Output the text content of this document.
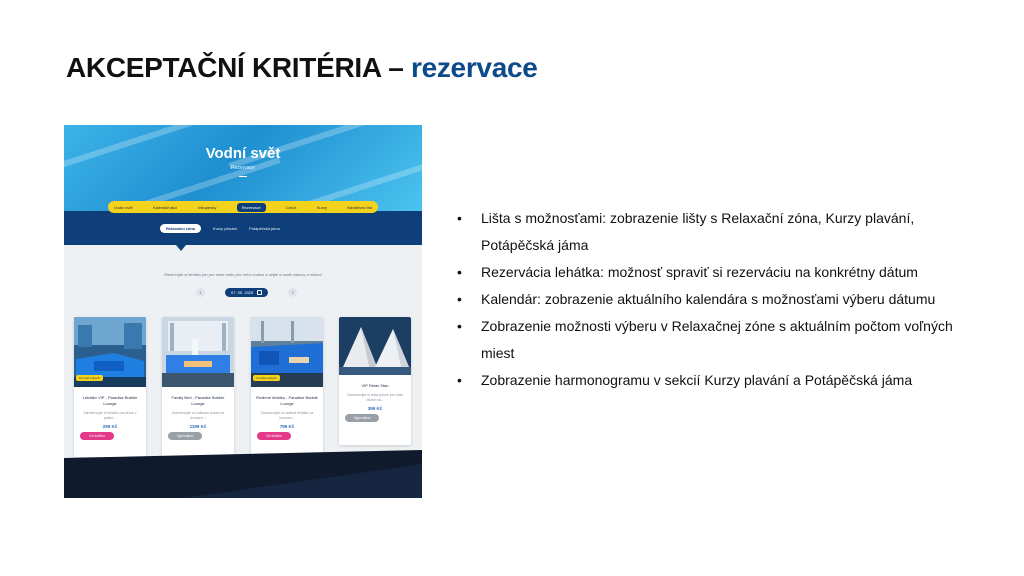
AKCEPTAČNÍ KRITÉRIA – rezervace
Vodní svět
Rezervace
Vodní svět	Kalendář akcí	Vstupenky	Rezervace	Ceník	Kurzy	Návštěvní řád
Relaxační zóna	Kurzy plavání	Potápěčská jáma
Rezervujte si lehátko jen pro sebe nebo pro celou rodinu a užijte si malé zábavy a relaxu!
‹	07. 05. 2025	›
10 míst volných
Lehátko VIP - Paradise Bubble Lounge
Zarezervujte si lehátko na nevse v pásko...
299 Kč
Do košíku
Family Bed - Paradise Bubble Lounge
Zarezervujte si rodinnou postel na lenosen...
1199 Kč
Vyprodáno
4 místa volných
Rodinné lehátko - Paradise Bubble Lounge
Zarezervujte si rodinné lehátko na lenosen...
799 Kč
Do košíku
VIP Relax Stan
Zarezervujte si relax pouze pro vaše blízké na...
399 Kč
Vyprodáno
• Lišta s možnosťami: zobrazenie lišty s Relaxační zóna, Kurzy plavání, Potápěčská jáma
• Rezervácia lehátka: možnosť spraviť si rezerváciu na konkrétny dátum
• Kalendár: zobrazenie aktuálního kalendára s možnosťami výberu dátumu
• Zobrazenie možnosti výberu v Relaxačnej zóne s aktuálním počtom voľných miest
• Zobrazenie harmonogramu v sekcií Kurzy plavání a Potápěčská jáma
